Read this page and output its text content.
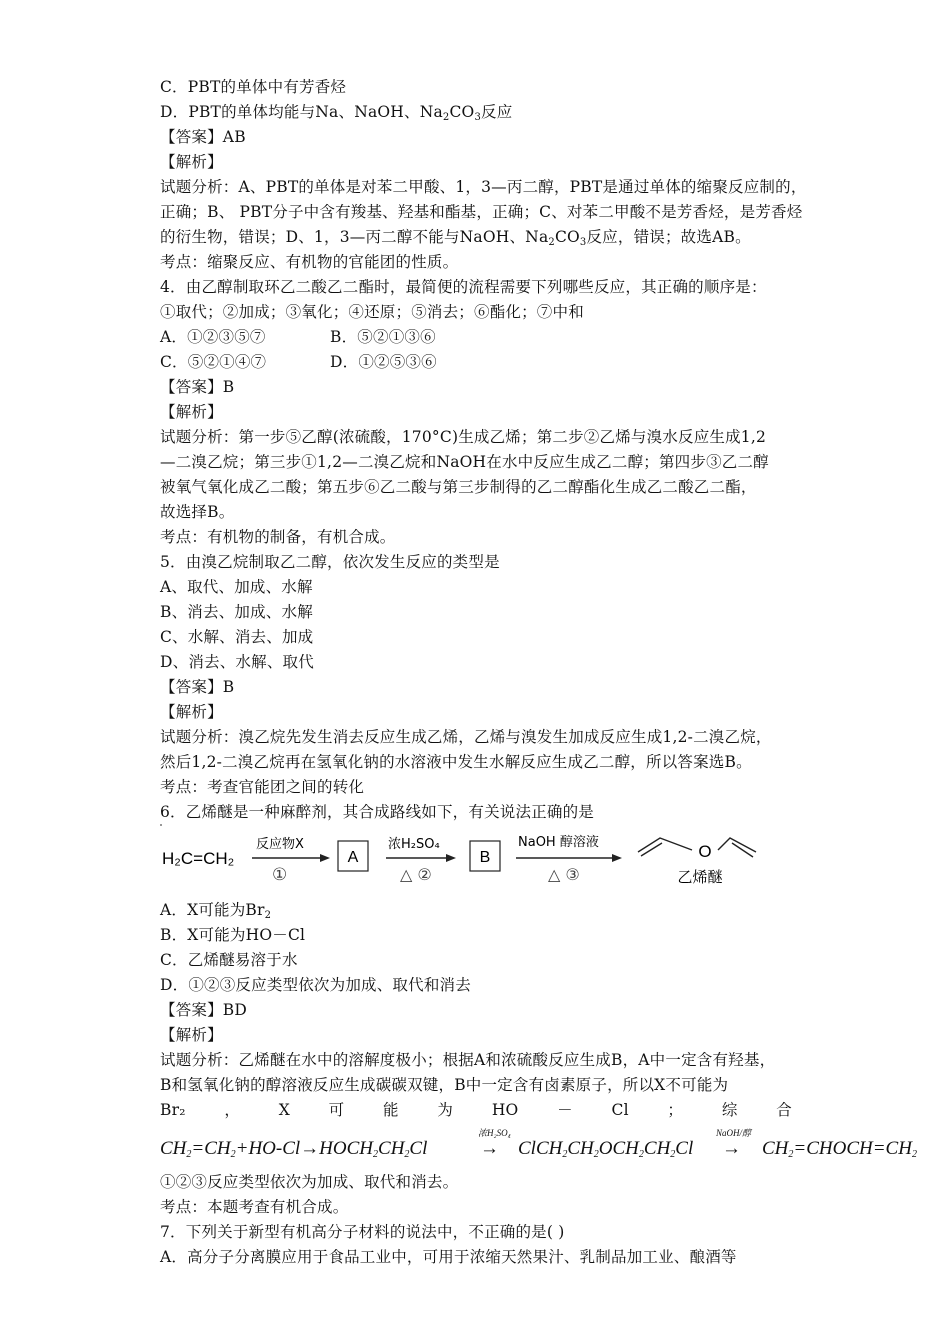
C．PBT的单体中有芳香烃
D．PBT的单体均能与Na、NaOH、$Na_2CO_3$反应
【答案】AB
【解析】
试题分析：A、PBT的单体是对苯二甲酸、1，3—丙二醇，PBT是通过单体的缩聚反应制的，
正确；B、 PBT分子中含有羧基、羟基和酯基，正确；C、对苯二甲酸不是芳香烃，是芳香烃
的衍生物，错误；D、1，3—丙二醇不能与NaOH、$Na_2CO_3$反应，错误；故选AB。
考点：缩聚反应、有机物的官能团的性质。
4．由乙醇制取环乙二酸乙二酯时，最简便的流程需要下列哪些反应，其正确的顺序是：
①取代；②加成；③氧化；④还原；⑤消去；⑥酯化；⑦中和
A．①②③⑤⑦	B．⑤②①③⑥
C．⑤②①④⑦	D．①②⑤③⑥
【答案】B
【解析】
试题分析：第一步⑤乙醇(浓硫酸，170°C)生成乙烯；第二步②乙烯与溴水反应生成1,2
—二溴乙烷；第三步①1,2—二溴乙烷和NaOH在水中反应生成乙二醇；第四步③乙二醇
被氧气氧化成乙二酸；第五步⑥乙二酸与第三步制得的乙二醇酯化生成乙二酸乙二酯，
故选择B。
考点：有机物的制备，有机合成。
5．由溴乙烷制取乙二醇，依次发生反应的类型是
A、取代、加成、水解
B、消去、加成、水解
C、水解、消去、加成
D、消去、水解、取代
【答案】B
【解析】
试题分析：溴乙烷先发生消去反应生成乙烯，乙烯与溴发生加成反应生成1,2-二溴乙烷，
然后1,2-二溴乙烷再在氢氧化钠的水溶液中发生水解反应生成乙二醇，所以答案选B。
考点：考查官能团之间的转化
6．乙烯醚是一种麻醉剂，其合成路线如下，有关说法正确的是
H₂C=CH₂
反应物X
①
A
浓H₂SO₄
△ ②
B
NaOH 醇溶液
△ ③
O
乙烯醚
A．X可能为$Br_2$
B．X可能为HO－Cl
C．乙烯醚易溶于水
D．①②③反应类型依次为加成、取代和消去
【答案】BD
【解析】
试题分析：乙烯醚在水中的溶解度极小；根据A和浓硫酸反应生成B，A中一定含有羟基，
B和氢氧化钠的醇溶液反应生成碳碳双键，B中一定含有卤素原子，所以X不可能为
Br₂ ， X 可 能 为 HO － Cl ； 综 合
$CH_2=CH_2+HO-Cl\to HOCH_2CH_2Cl$
浓H₂SO₄
→ $ClCH_2CH_2OCH_2CH_2Cl$
NaOH/醇
→ $CH_2=CHOCH=CH_2$
①②③反应类型依次为加成、取代和消去。
考点：本题考查有机合成。
7．下列关于新型有机高分子材料的说法中，不正确的是( )
A．高分子分离膜应用于食品工业中，可用于浓缩天然果汁、乳制品加工业、酿酒等
